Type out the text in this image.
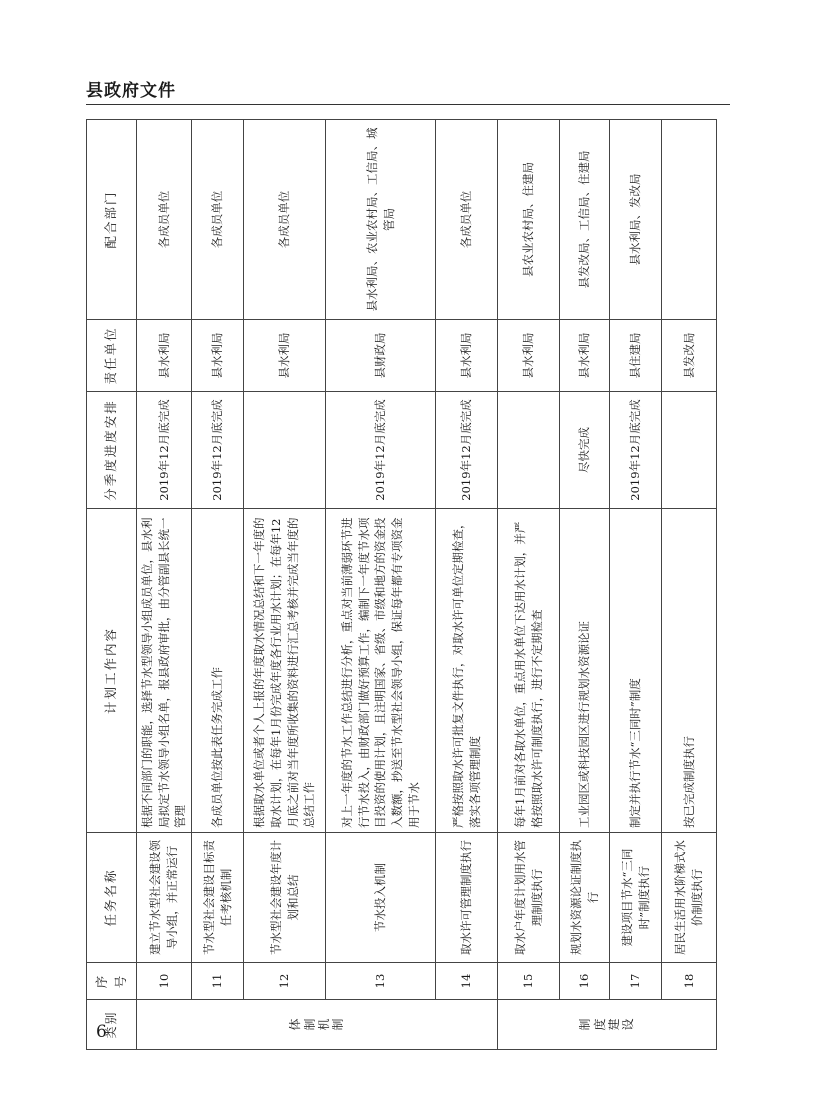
县政府文件
类别	序号	任务名称	计划工作内容	分季度进度安排	责任单位	配合部门

体 制 机 制	10	建立节水型社会建设领导小组，并正常运行	根据不同部门的职能，选择节水型领导小组成员单位，县水利局拟定节水领导小组名单，报县政府审批，由分管副县长统一管理	2019年12月底完成	县水利局	各成员单位
	11	节水型社会建设目标责任考核机制	各成员单位按此表任务完成工作	2019年12月底完成	县水利局	各成员单位
	12	节水型社会建设年度计划和总结	根据取水单位或者个人上报的年度取水情况总结和下一年度的取水计划，在每年1月份完成年度各行业用水计划；在每年12月底之前对当年度所收集的资料进行汇总考核并完成当年度的总结工作		县水利局	各成员单位
	13	节水投入机制	对上一年度的节水工作总结进行分析，重点对当前薄弱环节进行节水投入，由财政部门做好预算工作，编制下一年度节水项目投资的使用计划，且注明国家、省级、市级和地方的资金投入数额，抄送至节水型社会领导小组，保证每年都有专项资金用于节水	2019年12月底完成	县财政局	县水利局、农业农村局、工信局、城管局
	14	取水许可管理制度执行	严格按照取水许可批复文件执行，对取水许可单位定期检查，落实各项管理制度	2019年12月底完成	县水利局	各成员单位

制 度 建 设	15	取水户年度计划用水管理制度执行	每年1月前对各取水单位，重点用水单位下达用水计划，并严格按照取水许可制度执行，进行不定期检查		县水利局	县农业农村局、住建局
	16	规划水资源论证制度执行	工业园区或科技园区进行规划水资源论证	尽快完成	县水利局	县发改局、工信局、住建局
	17	建设项目节水“三同时”制度执行	制定并执行节水“三同时”制度	2019年12月底完成	县住建局	县水利局、发改局
	18	居民生活用水阶梯式水价制度执行	按已完成制度执行		县发改局	
6
